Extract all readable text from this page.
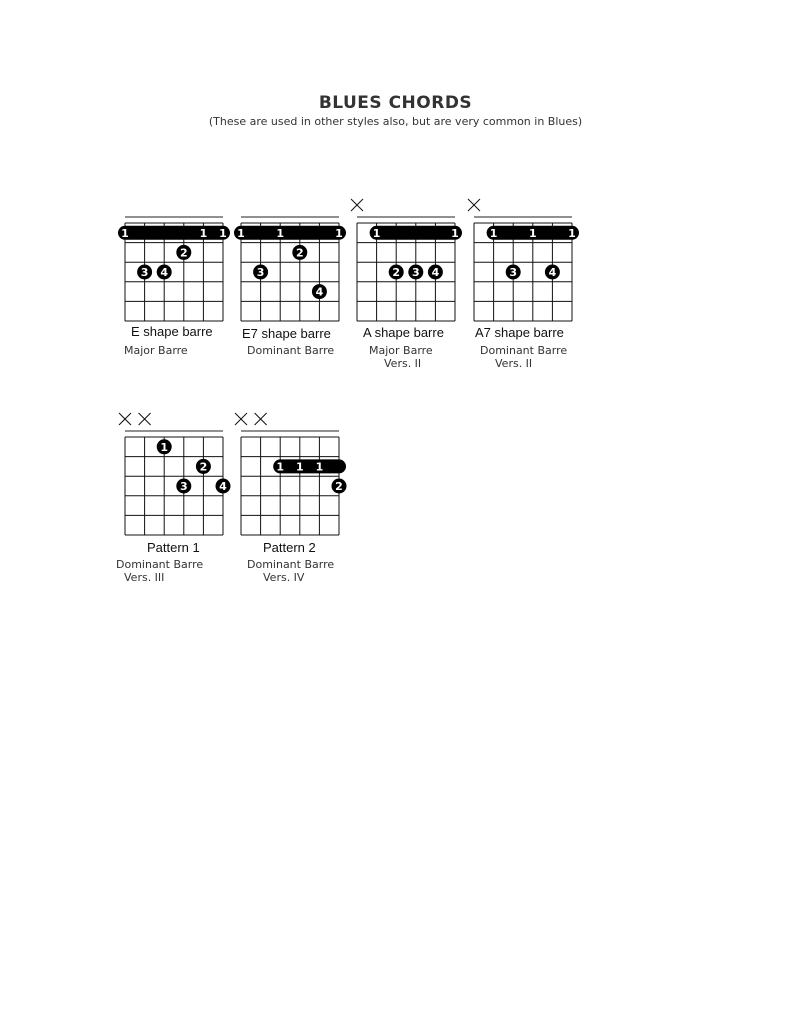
BLUES CHORDS
(These are used in other styles also, but are very common in Blues)
1	1 1
2
3 4
E shape barre
Major Barre
1	1	1
2
3
4
E7 shape barre
Dominant Barre
1	1
2 3 4
A shape barre
Major Barre
Vers. II
1	1	1
3	4
A7 shape barre
Dominant Barre
Vers. II
1
2
3	4
Pattern 1
Dominant Barre
Vers. III
1 1 1
2
Pattern 2
Dominant Barre
Vers. IV
